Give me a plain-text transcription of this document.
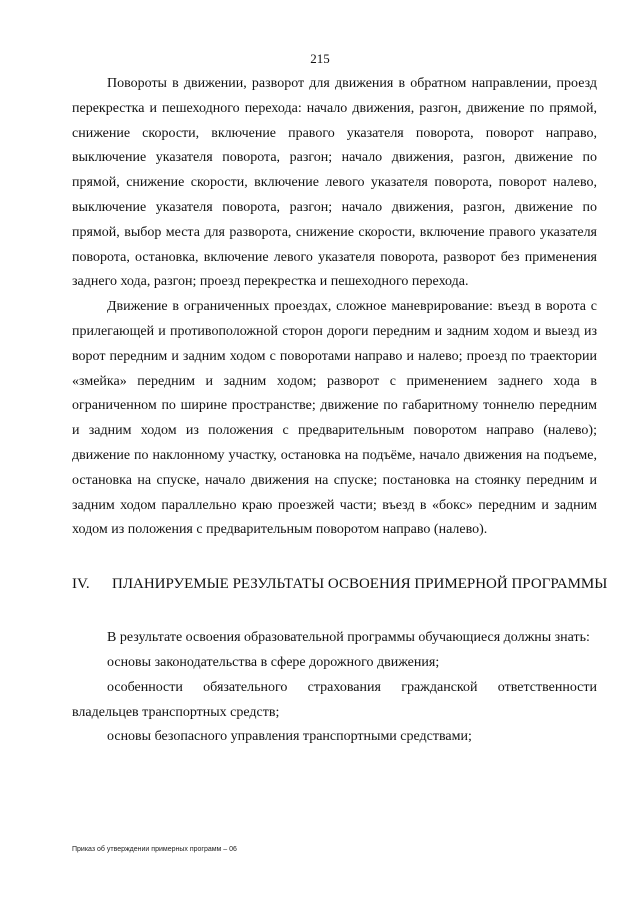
215

Повороты в движении, разворот для движения в обратном направлении, проезд перекрестка и пешеходного перехода: начало движения, разгон, движение по прямой, снижение скорости, включение правого указателя поворота, поворот направо, выключение указателя поворота, разгон; начало движения, разгон, движение по прямой, снижение скорости, включение левого указателя поворота, поворот налево, выключение указателя поворота, разгон; начало движения, разгон, движение по прямой, выбор места для разворота, снижение скорости, включение правого указателя поворота, остановка, включение левого указателя поворота, разворот без применения заднего хода, разгон; проезд перекрестка и пешеходного перехода.

Движение в ограниченных проездах, сложное маневрирование: въезд в ворота с прилегающей и противоположной сторон дороги передним и задним ходом и выезд из ворот передним и задним ходом с поворотами направо и налево; проезд по траектории «змейка» передним и задним ходом; разворот с применением заднего хода в ограниченном по ширине пространстве; движение по габаритному тоннелю передним и задним ходом из положения с предварительным поворотом направо (налево); движение по наклонному участку, остановка на подъёме, начало движения на подъеме, остановка на спуске, начало движения на спуске; постановка на стоянку передним и задним ходом параллельно краю проезжей части; въезд в «бокс» передним и задним ходом из положения с предварительным поворотом направо (налево).

IV. ПЛАНИРУЕМЫЕ РЕЗУЛЬТАТЫ ОСВОЕНИЯ ПРИМЕРНОЙ ПРОГРАММЫ

В результате освоения образовательной программы обучающиеся должны знать:

основы законодательства в сфере дорожного движения;

особенности обязательного страхования гражданской ответственности владельцев транспортных средств;

основы безопасного управления транспортными средствами;

Приказ об утверждении примерных программ – 06
